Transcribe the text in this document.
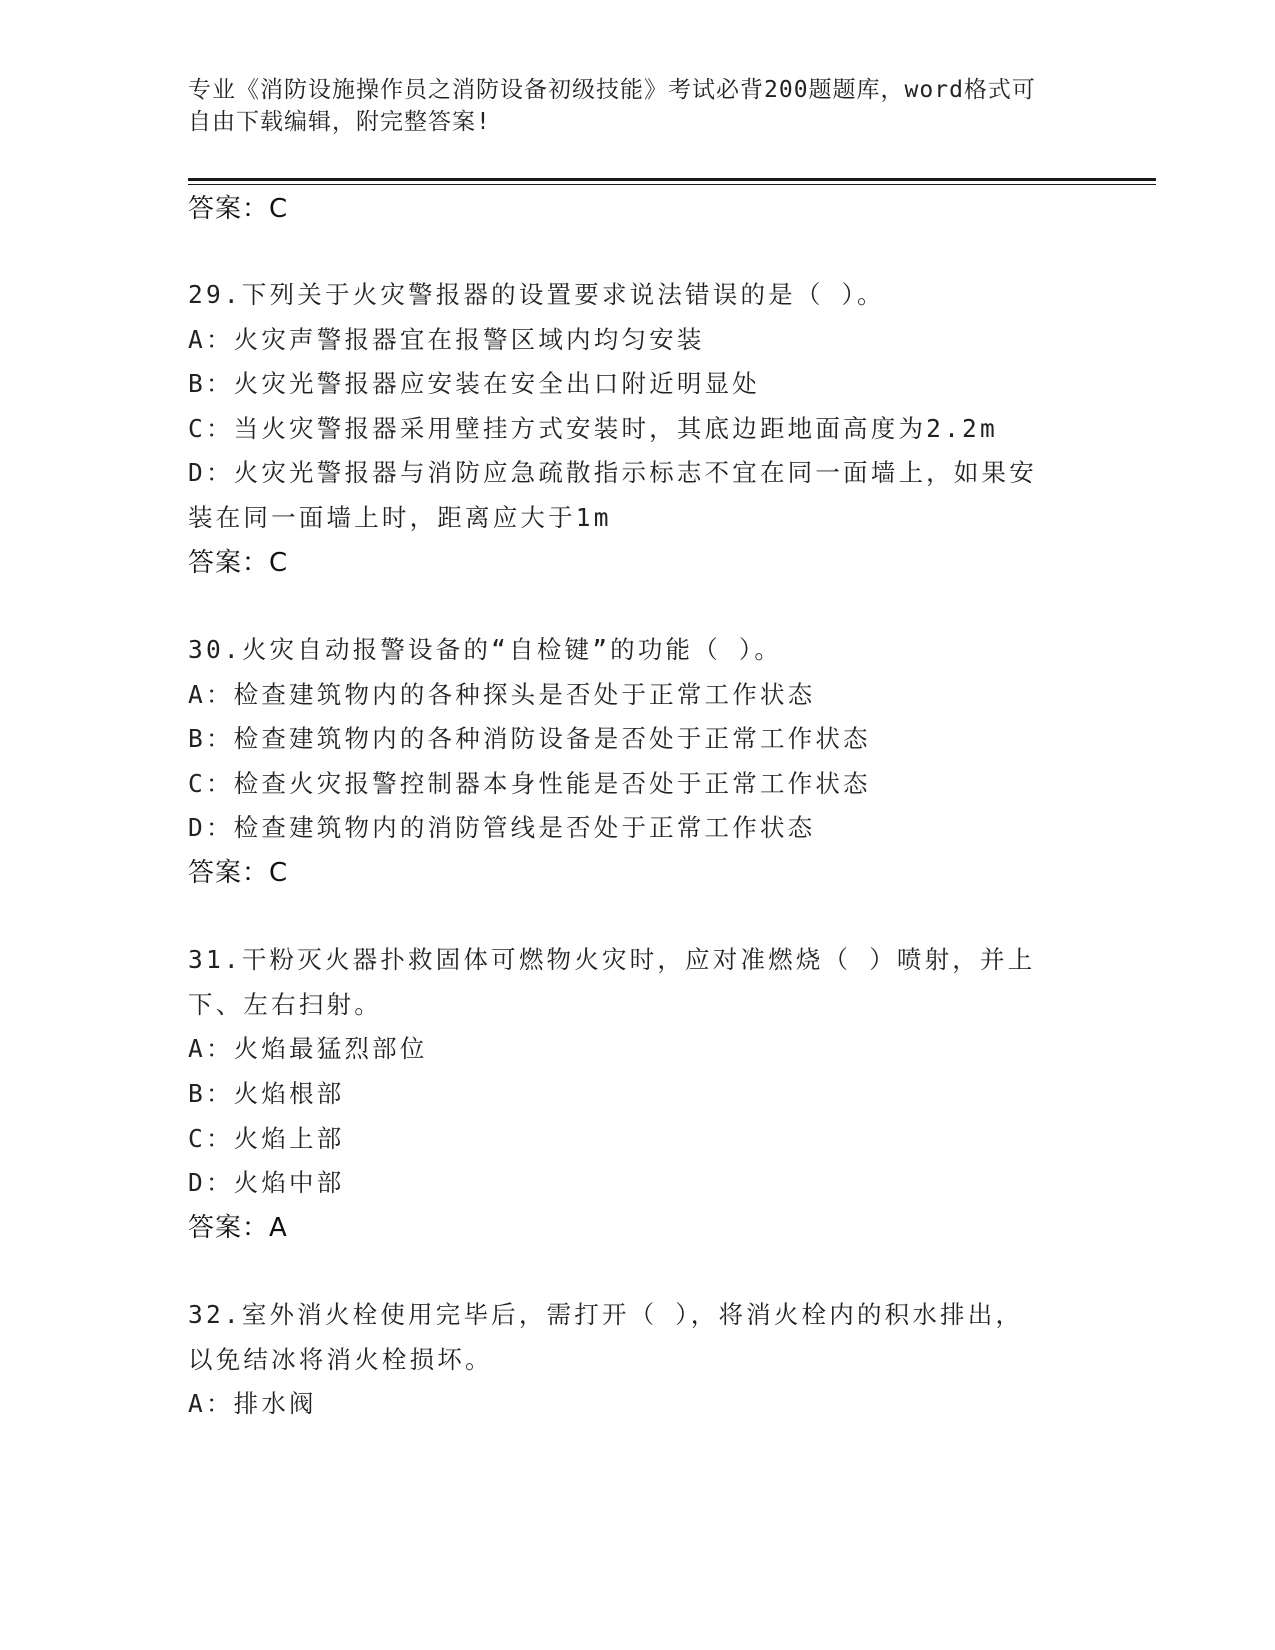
专业《消防设施操作员之消防设备初级技能》考试必背200题题库，word格式可
自由下载编辑，附完整答案!
答案：C
29.下列关于火灾警报器的设置要求说法错误的是（ ）。
A：火灾声警报器宜在报警区域内均匀安装
B：火灾光警报器应安装在安全出口附近明显处
C：当火灾警报器采用壁挂方式安装时，其底边距地面高度为2.2m
D：火灾光警报器与消防应急疏散指示标志不宜在同一面墙上，如果安
装在同一面墙上时，距离应大于1m
答案：C
30.火灾自动报警设备的“自检键”的功能（ ）。
A：检查建筑物内的各种探头是否处于正常工作状态
B：检查建筑物内的各种消防设备是否处于正常工作状态
C：检查火灾报警控制器本身性能是否处于正常工作状态
D：检查建筑物内的消防管线是否处于正常工作状态
答案：C
31.干粉灭火器扑救固体可燃物火灾时，应对准燃烧（ ）喷射，并上
下、左右扫射。
A：火焰最猛烈部位
B：火焰根部
C：火焰上部
D：火焰中部
答案：A
32.室外消火栓使用完毕后，需打开（ ），将消火栓内的积水排出，
以免结冰将消火栓损坏。
A：排水阀
